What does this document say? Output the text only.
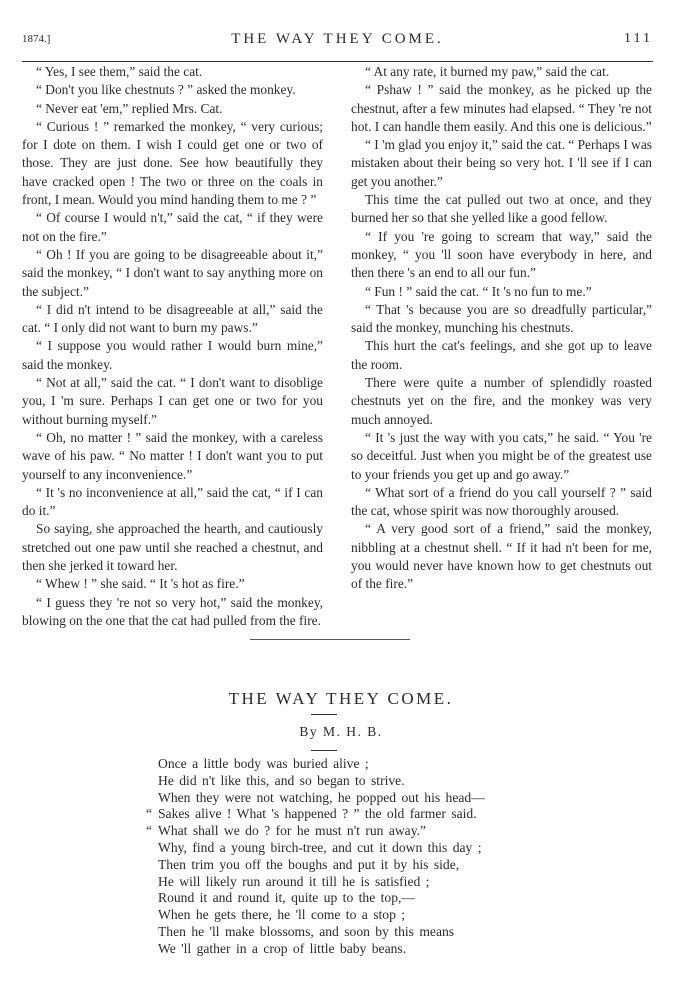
1874.]	THE WAY THEY COME.	111

“ Yes, I see them,” said the cat.

“ Don't you like chestnuts ? ” asked the monkey.

“ Never eat 'em,” replied Mrs. Cat.

“ Curious ! ” remarked the monkey, “ very curious; for I dote on them. I wish I could get one or two of those. They are just done. See how beautifully they have cracked open ! The two or three on the coals in front, I mean. Would you mind handing them to me ? ”

“ Of course I would n't,” said the cat, “ if they were not on the fire.”

“ Oh ! If you are going to be disagreeable about it,” said the monkey, “ I don't want to say anything more on the subject.”

“ I did n't intend to be disagreeable at all,” said the cat. “ I only did not want to burn my paws.”

“ I suppose you would rather I would burn mine,” said the monkey.

“ Not at all,” said the cat. “ I don't want to disoblige you, I 'm sure. Perhaps I can get one or two for you without burning myself.”

“ Oh, no matter ! ” said the monkey, with a careless wave of his paw. “ No matter ! I don't want you to put yourself to any inconvenience.”

“ It 's no inconvenience at all,” said the cat, “ if I can do it.”

So saying, she approached the hearth, and cautiously stretched out one paw until she reached a chestnut, and then she jerked it toward her.

“ Whew ! ” she said. “ It 's hot as fire.”

“ I guess they 're not so very hot,” said the monkey, blowing on the one that the cat had pulled from the fire.

“ At any rate, it burned my paw,” said the cat.

“ Pshaw ! ” said the monkey, as he picked up the chestnut, after a few minutes had elapsed. “ They 're not hot. I can handle them easily. And this one is delicious.”

“ I 'm glad you enjoy it,” said the cat. “ Perhaps I was mistaken about their being so very hot. I 'll see if I can get you another.”

This time the cat pulled out two at once, and they burned her so that she yelled like a good fellow.

“ If you 're going to scream that way,” said the monkey, “ you 'll soon have everybody in here, and then there 's an end to all our fun.”

“ Fun ! ” said the cat. “ It 's no fun to me.”

“ That 's because you are so dreadfully particular,” said the monkey, munching his chestnuts.

This hurt the cat's feelings, and she got up to leave the room.

There were quite a number of splendidly roasted chestnuts yet on the fire, and the monkey was very much annoyed.

“ It 's just the way with you cats,” he said. “ You 're so deceitful. Just when you might be of the greatest use to your friends you get up and go away.”

“ What sort of a friend do you call yourself ? ” said the cat, whose spirit was now thoroughly aroused.

“ A very good sort of a friend,” said the monkey, nibbling at a chestnut shell. “ If it had n't been for me, you would never have known how to get chestnuts out of the fire.”

THE WAY THEY COME.
By M. H. B.
Once a little body was buried alive ;
He did n't like this, and so began to strive.
When they were not watching, he popped out his head—
“ Sakes alive ! What 's happened ? ” the old farmer said.
“ What shall we do ? for he must n't run away.”
Why, find a young birch-tree, and cut it down this day ;
Then trim you off the boughs and put it by his side,
He will likely run around it till he is satisfied ;
Round it and round it, quite up to the top,—
When he gets there, he 'll come to a stop ;
Then he 'll make blossoms, and soon by this means
We 'll gather in a crop of little baby beans.
